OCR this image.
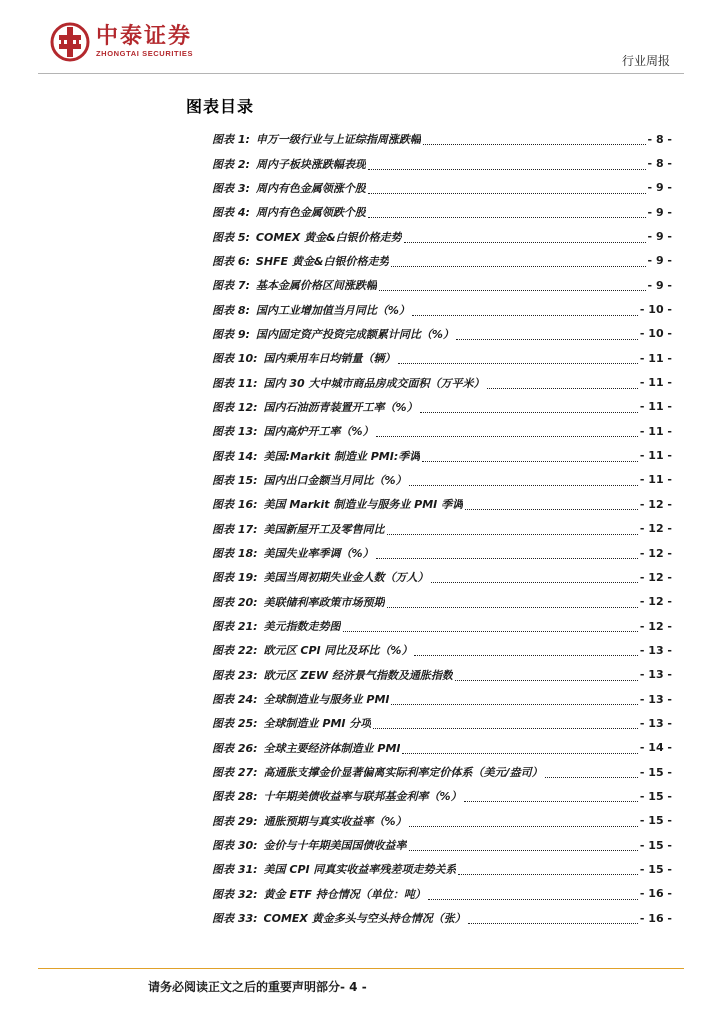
中泰证券
ZHONGTAI SECURITIES
行业周报
图表目录
图表 1: 申万一级行业与上证综指周涨跌幅	- 8 -
图表 2: 周内子板块涨跌幅表现	- 8 -
图表 3: 周内有色金属领涨个股	- 9 -
图表 4: 周内有色金属领跌个股	- 9 -
图表 5: COMEX 黄金&白银价格走势	- 9 -
图表 6: SHFE 黄金&白银价格走势	- 9 -
图表 7: 基本金属价格区间涨跌幅	- 9 -
图表 8: 国内工业增加值当月同比（%）	- 10 -
图表 9: 国内固定资产投资完成额累计同比（%）	- 10 -
图表 10: 国内乘用车日均销量（辆）	- 11 -
图表 11: 国内 30 大中城市商品房成交面积（万平米）	- 11 -
图表 12: 国内石油沥青装置开工率（%）	- 11 -
图表 13: 国内高炉开工率（%）	- 11 -
图表 14: 美国:Markit 制造业 PMI:季调	- 11 -
图表 15: 国内出口金额当月同比（%）	- 11 -
图表 16: 美国 Markit 制造业与服务业 PMI 季调	- 12 -
图表 17: 美国新屋开工及零售同比	- 12 -
图表 18: 美国失业率季调（%）	- 12 -
图表 19: 美国当周初期失业金人数（万人）	- 12 -
图表 20: 美联储利率政策市场预期	- 12 -
图表 21: 美元指数走势图	- 12 -
图表 22: 欧元区 CPI 同比及环比（%）	- 13 -
图表 23: 欧元区 ZEW 经济景气指数及通胀指数	- 13 -
图表 24: 全球制造业与服务业 PMI	- 13 -
图表 25: 全球制造业 PMI 分项	- 13 -
图表 26: 全球主要经济体制造业 PMI	- 14 -
图表 27: 高通胀支撑金价显著偏离实际利率定价体系（美元/盎司）	- 15 -
图表 28: 十年期美债收益率与联邦基金利率（%）	- 15 -
图表 29: 通胀预期与真实收益率（%）	- 15 -
图表 30: 金价与十年期美国国债收益率	- 15 -
图表 31: 美国 CPI 同真实收益率残差项走势关系	- 15 -
图表 32: 黄金 ETF 持仓情况（单位：吨）	- 16 -
图表 33: COMEX 黄金多头与空头持仓情况（张）	- 16 -
请务必阅读正文之后的重要声明部分- 4 -
